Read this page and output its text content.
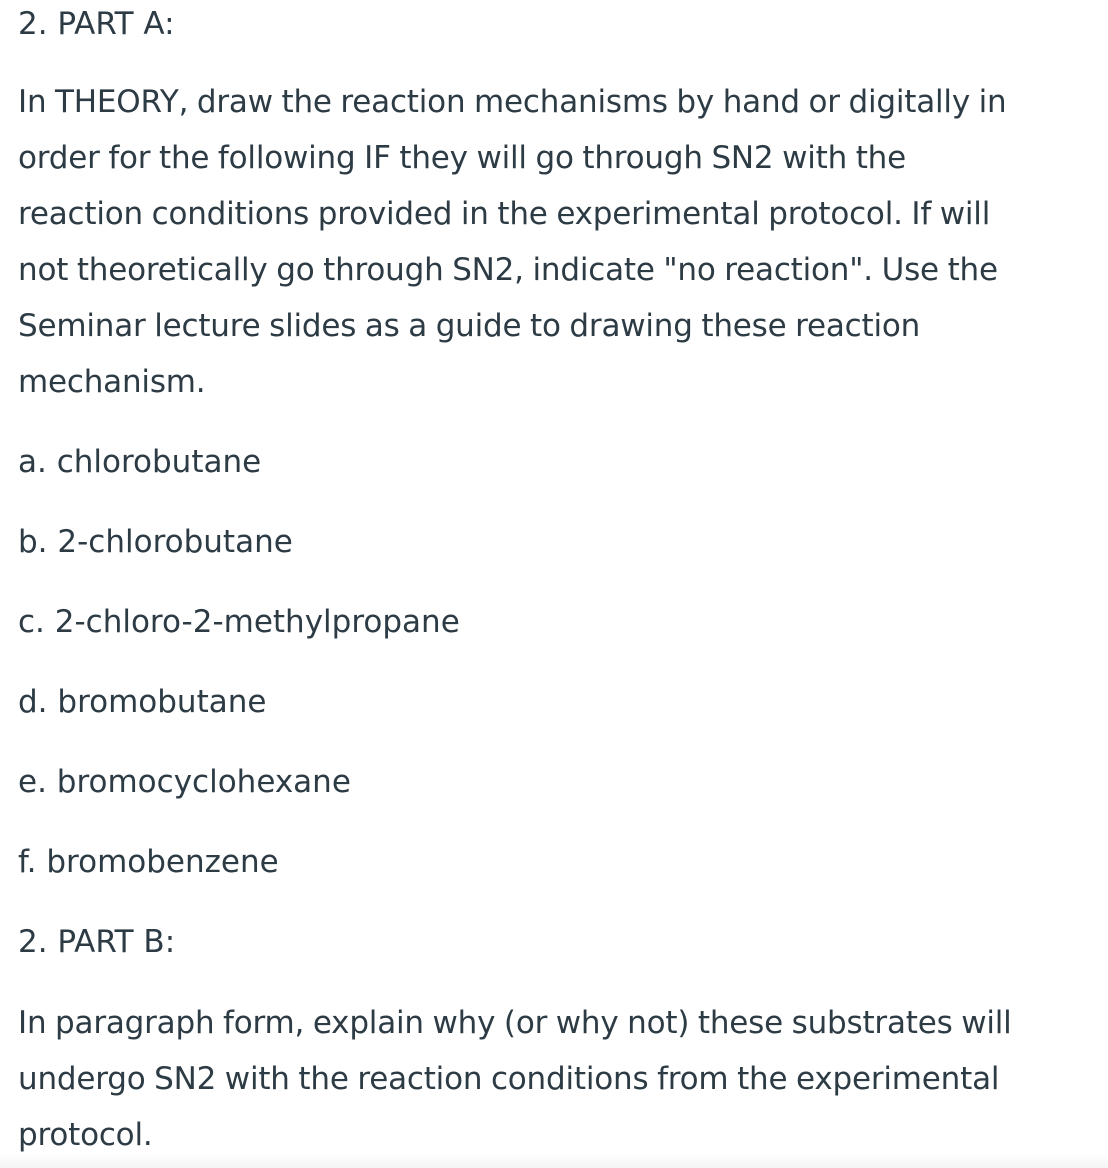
2. PART A:

In THEORY, draw the reaction mechanisms by hand or digitally in
order for the following IF they will go through SN2 with the
reaction conditions provided in the experimental protocol. If will
not theoretically go through SN2, indicate "no reaction". Use the
Seminar lecture slides as a guide to drawing these reaction
mechanism.

a. chlorobutane

b. 2-chlorobutane

c. 2-chloro-2-methylpropane

d. bromobutane

e. bromocyclohexane

f. bromobenzene

2. PART B:

In paragraph form, explain why (or why not) these substrates will
undergo SN2 with the reaction conditions from the experimental
protocol.
